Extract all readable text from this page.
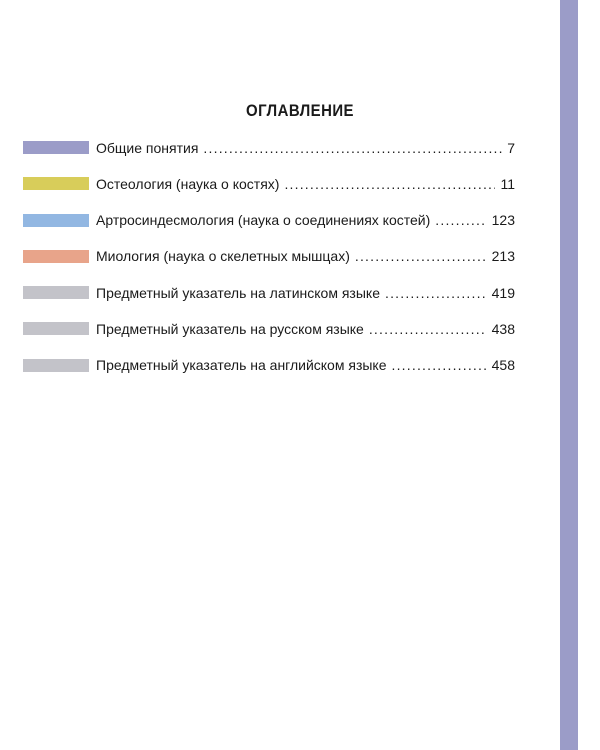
ОГЛАВЛЕНИЕ
Общие понятия .....	7
Остеология (наука о костях) .....	11
Артросиндесмология (наука о соединениях костей) .....	123
Миология (наука о скелетных мышцах) .....	213
Предметный указатель на латинском языке .....	419
Предметный указатель на русском языке .....	438
Предметный указатель на английском языке .....	458
